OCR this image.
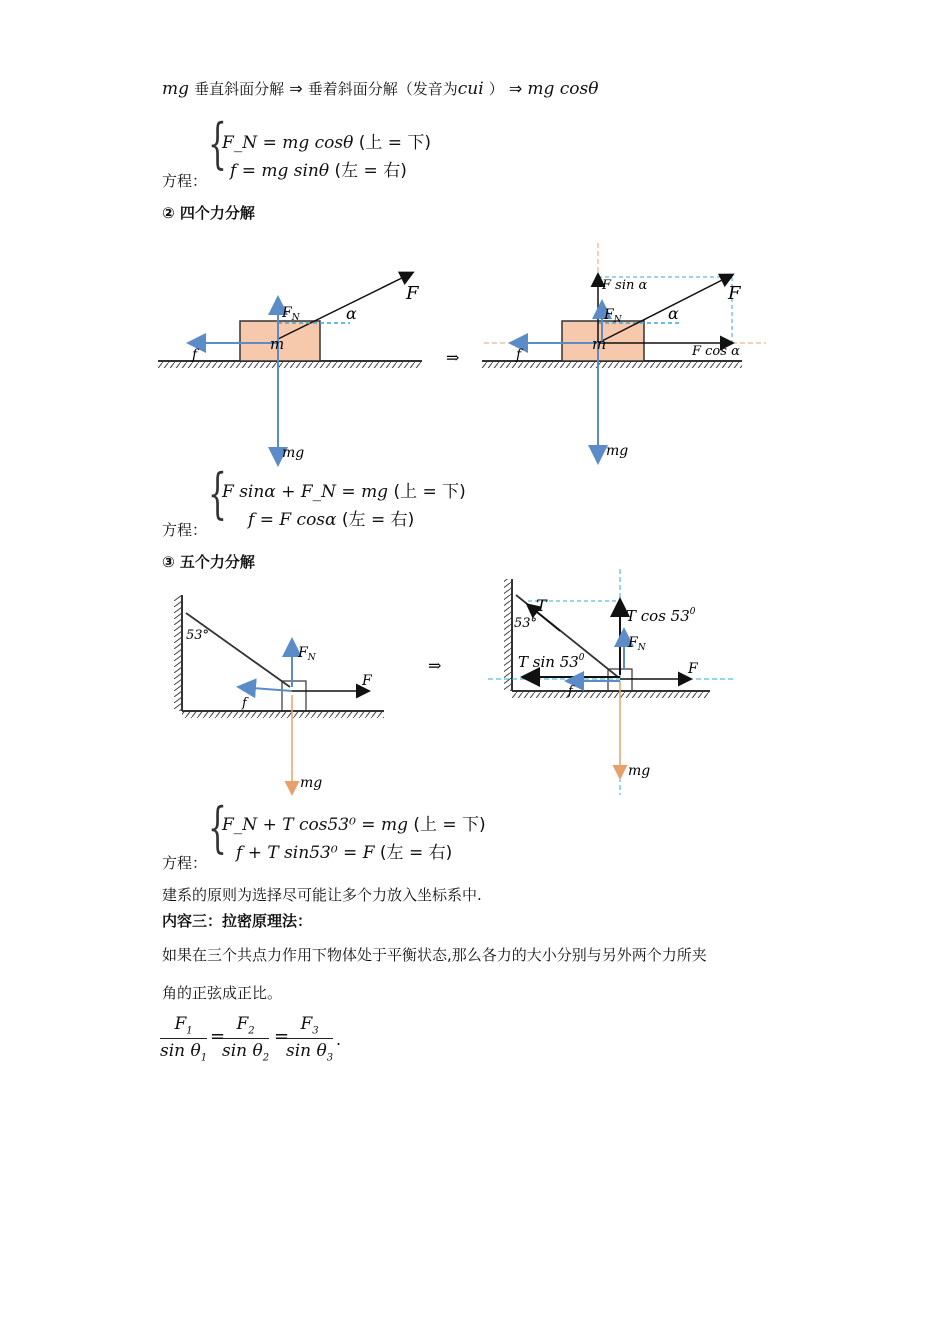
mg 垂直斜面分解 ⇒ 垂着斜面分解（发音为cui ） ⇒ mg cosθ
{
F_N = mg cosθ (上 = 下)
f = mg sinθ (左 = 右)
方程：
② 四个力分解
F
$F_N$	α
m
f
mg
⇒
F sin α	F
$F_N$	α
m
f	F cos α
mg
{
F sinα + F_N = mg (上 = 下)
f = F cosα (左 = 右)
方程：
③ 五个力分解
53°
$F_N$
F
f
mg
⇒
T
53°	T $\cos 53^0$
$F_N$
T $\sin 53^0$
F
f
mg
{
F_N + T cos53⁰ = mg (上 = 下)
f + T sin53⁰ = F (左 = 右)
方程：
建系的原则为选择尽可能让多个力放入坐标系中.
内容三：拉密原理法：
如果在三个共点力作用下物体处于平衡状态,那么各力的大小分别与另外两个力所夹
角的正弦成正比。
$\frac{F_1}{\sin \theta_1}$ =
$\frac{F_2}{\sin \theta_2}$ =
$\frac{F_3}{\sin \theta_3}$ .
